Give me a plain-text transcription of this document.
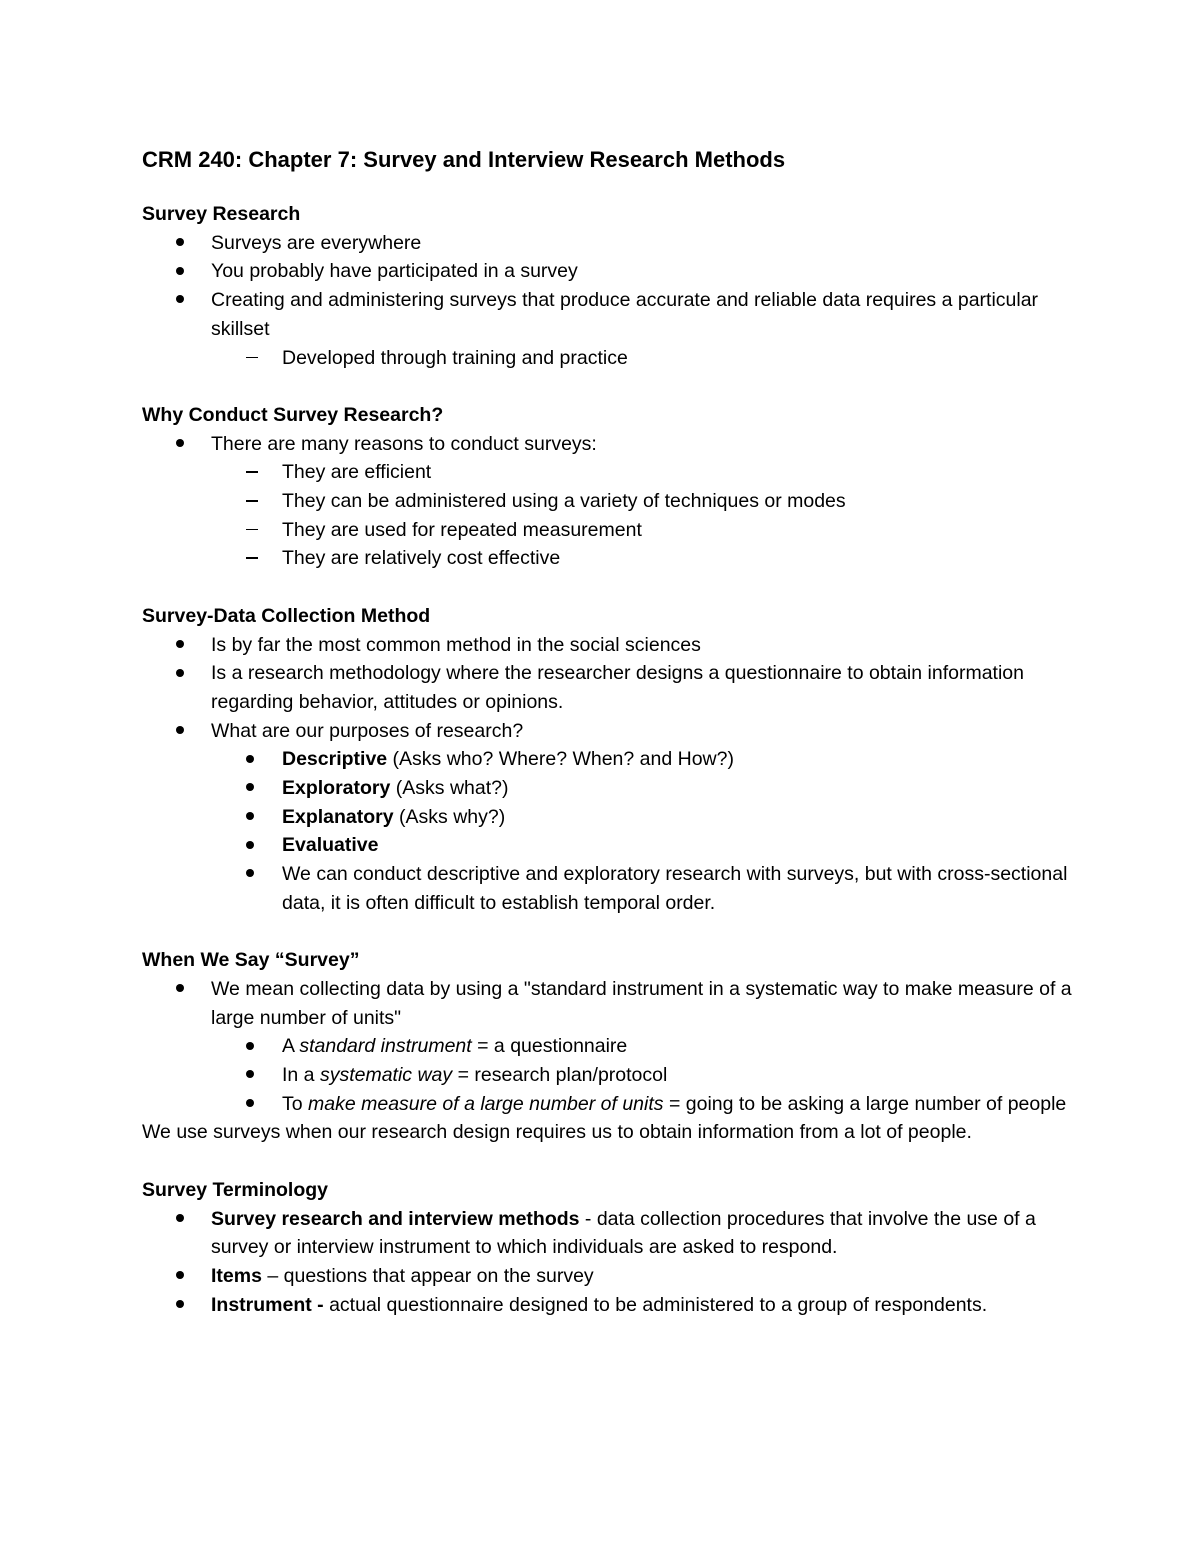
CRM 240: Chapter 7: Survey and Interview Research Methods
Survey Research
Surveys are everywhere
You probably have participated in a survey
Creating and administering surveys that produce accurate and reliable data requires a particular skillset
Developed through training and practice
Why Conduct Survey Research?
There are many reasons to conduct surveys:
They are efficient
They can be administered using a variety of techniques or modes
They are used for repeated measurement
They are relatively cost effective
Survey-Data Collection Method
Is by far the most common method in the social sciences
Is a research methodology where the researcher designs a questionnaire to obtain information regarding behavior, attitudes or opinions.
What are our purposes of research?
Descriptive (Asks who? Where? When? and How?)
Exploratory (Asks what?)
Explanatory (Asks why?)
Evaluative
We can conduct descriptive and exploratory research with surveys, but with cross-sectional data, it is often difficult to establish temporal order.
When We Say “Survey”
We mean collecting data by using a "standard instrument in a systematic way to make measure of a large number of units"
A standard instrument = a questionnaire
In a systematic way = research plan/protocol
To make measure of a large number of units = going to be asking a large number of people

We use surveys when our research design requires us to obtain information from a lot of people.

Survey Terminology
Survey research and interview methods - data collection procedures that involve the use of a survey or interview instrument to which individuals are asked to respond.
Items – questions that appear on the survey
Instrument - actual questionnaire designed to be administered to a group of respondents.
